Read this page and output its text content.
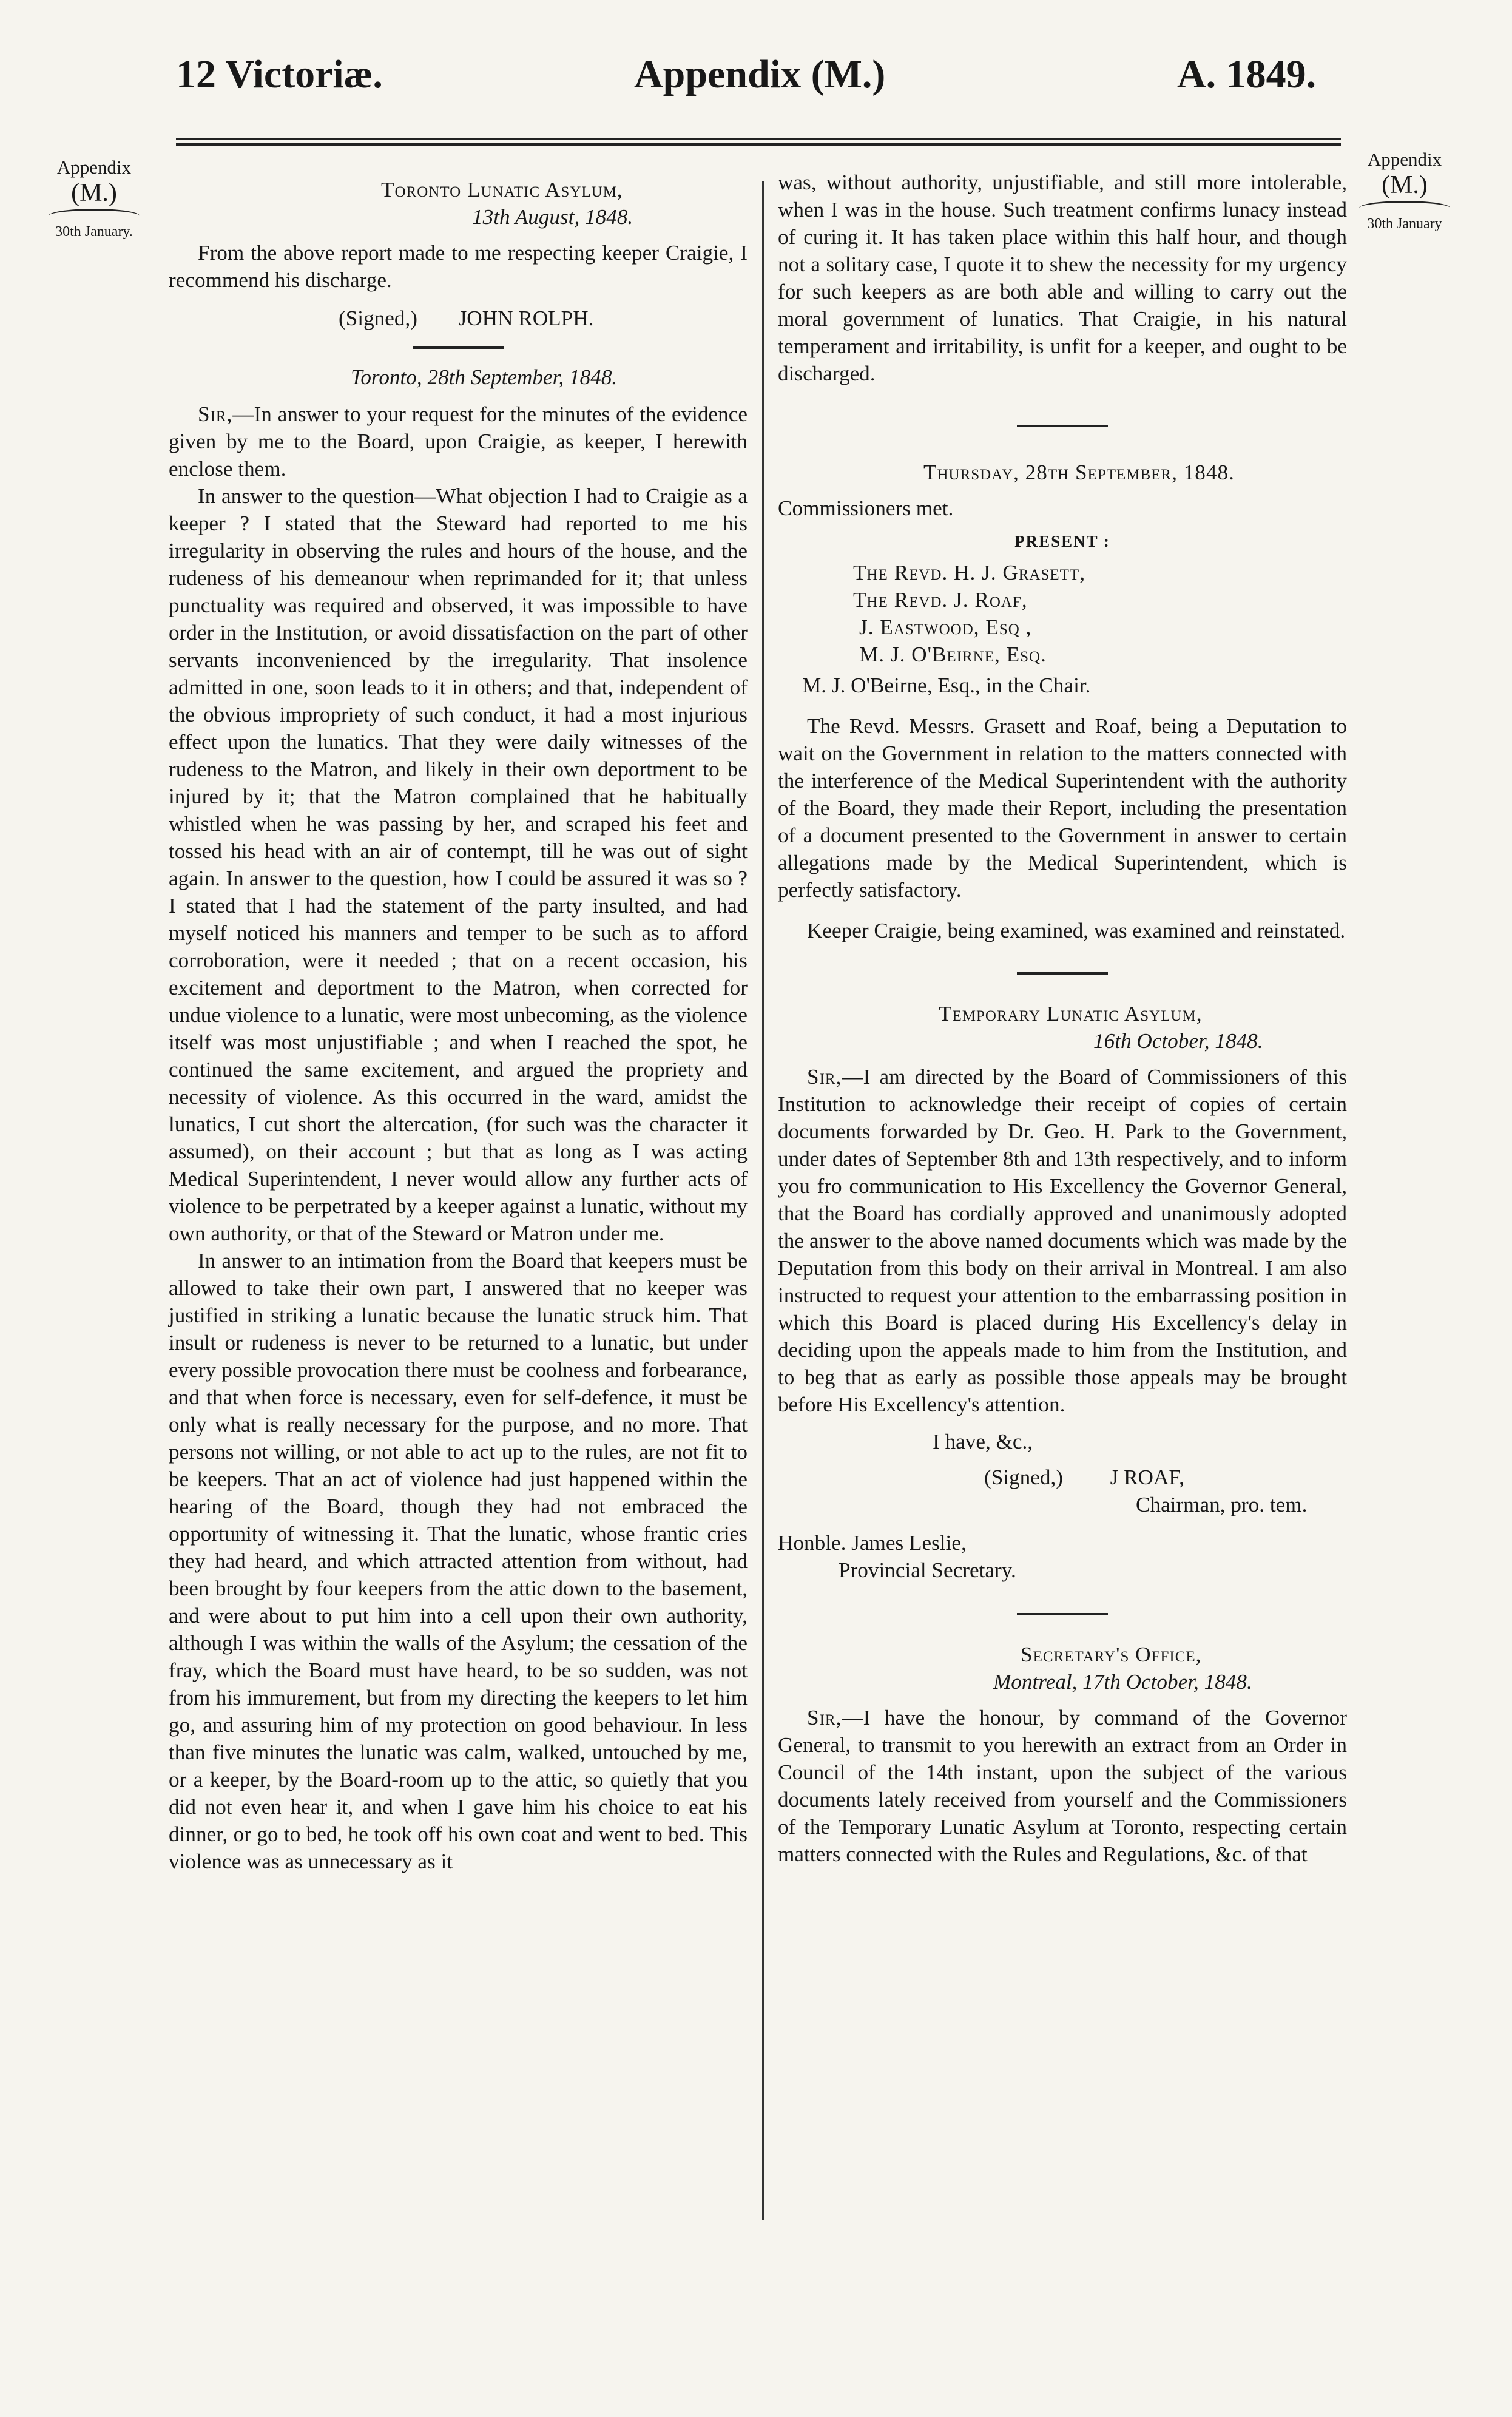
12 Victoriæ.	Appendix (M.)	A. 1849.
Appendix
(M.)
30th January.
Appendix
(M.)
30th January

Toronto Lunatic Asylum,

13th August, 1848.

From the above report made to me respecting keeper Craigie, I recommend his discharge.

(Signed,) JOHN ROLPH.

Toronto, 28th September, 1848.

Sir,—In answer to your request for the minutes of the evidence given by me to the Board, upon Craigie, as keeper, I herewith enclose them.

In answer to the question—What objection I had to Craigie as a keeper ? I stated that the Steward had reported to me his irregularity in observing the rules and hours of the house, and the rudeness of his demeanour when reprimanded for it; that unless punctuality was required and observed, it was impossible to have order in the Institution, or avoid dissatisfaction on the part of other servants inconvenienced by the irregularity. That insolence admitted in one, soon leads to it in others; and that, independent of the obvious impropriety of such conduct, it had a most injurious effect upon the lunatics. That they were daily witnesses of the rudeness to the Matron, and likely in their own deportment to be injured by it; that the Matron complained that he habitually whistled when he was passing by her, and scraped his feet and tossed his head with an air of contempt, till he was out of sight again. In answer to the question, how I could be assured it was so ? I stated that I had the statement of the party insulted, and had myself noticed his manners and temper to be such as to afford corroboration, were it needed ; that on a recent occasion, his excitement and deportment to the Matron, when corrected for undue violence to a lunatic, were most unbecoming, as the violence itself was most unjustifiable ; and when I reached the spot, he continued the same excitement, and argued the propriety and necessity of violence. As this occurred in the ward, amidst the lunatics, I cut short the altercation, (for such was the character it assumed), on their account ; but that as long as I was acting Medical Superintendent, I never would allow any further acts of violence to be perpetrated by a keeper against a lunatic, without my own authority, or that of the Steward or Matron under me.

In answer to an intimation from the Board that keepers must be allowed to take their own part, I answered that no keeper was justified in striking a lunatic because the lunatic struck him. That insult or rudeness is never to be returned to a lunatic, but under every possible provocation there must be coolness and forbearance, and that when force is necessary, even for self-defence, it must be only what is really necessary for the purpose, and no more. That persons not willing, or not able to act up to the rules, are not fit to be keepers. That an act of violence had just happened within the hearing of the Board, though they had not embraced the opportunity of witnessing it. That the lunatic, whose frantic cries they had heard, and which attracted attention from without, had been brought by four keepers from the attic down to the basement, and were about to put him into a cell upon their own authority, although I was within the walls of the Asylum; the cessation of the fray, which the Board must have heard, to be so sudden, was not from his immurement, but from my directing the keepers to let him go, and assuring him of my protection on good behaviour. In less than five minutes the lunatic was calm, walked, untouched by me, or a keeper, by the Board-room up to the attic, so quietly that you did not even hear it, and when I gave him his choice to eat his dinner, or go to bed, he took off his own coat and went to bed. This violence was as unnecessary as it

was, without authority, unjustifiable, and still more intolerable, when I was in the house. Such treatment confirms lunacy instead of curing it. It has taken place within this half hour, and though not a solitary case, I quote it to shew the necessity for my urgency for such keepers as are both able and willing to carry out the moral government of lunatics. That Craigie, in his natural temperament and irritability, is unfit for a keeper, and ought to be discharged.

Thursday, 28th September, 1848.

Commissioners met.

PRESENT :

The Revd. H. J. Grasett,

The Revd. J. Roaf,

J. Eastwood, Esq ,

M. J. O'Beirne, Esq.

M. J. O'Beirne, Esq., in the Chair.

The Revd. Messrs. Grasett and Roaf, being a Deputation to wait on the Government in relation to the matters connected with the interference of the Medical Superintendent with the authority of the Board, they made their Report, including the presentation of a document presented to the Government in answer to certain allegations made by the Medical Superintendent, which is perfectly satisfactory.

Keeper Craigie, being examined, was examined and reinstated.

Temporary Lunatic Asylum,

16th October, 1848.

Sir,—I am directed by the Board of Commissioners of this Institution to acknowledge their receipt of copies of certain documents forwarded by Dr. Geo. H. Park to the Government, under dates of September 8th and 13th respectively, and to inform you fro communication to His Excellency the Governor General, that the Board has cordially approved and unanimously adopted the answer to the above named documents which was made by the Deputation from this body on their arrival in Montreal. I am also instructed to request your attention to the embarrassing position in which this Board is placed during His Excellency's delay in deciding upon the appeals made to him from the Institution, and to beg that as early as possible those appeals may be brought before His Excellency's attention.

I have, &c.,

(Signed,) J ROAF,

Chairman, pro. tem.

Honble. James Leslie,

Provincial Secretary.

Secretary's Office,

Montreal, 17th October, 1848.

Sir,—I have the honour, by command of the Governor General, to transmit to you herewith an extract from an Order in Council of the 14th instant, upon the subject of the various documents lately received from yourself and the Commissioners of the Temporary Lunatic Asylum at Toronto, respecting certain matters connected with the Rules and Regulations, &c. of that
